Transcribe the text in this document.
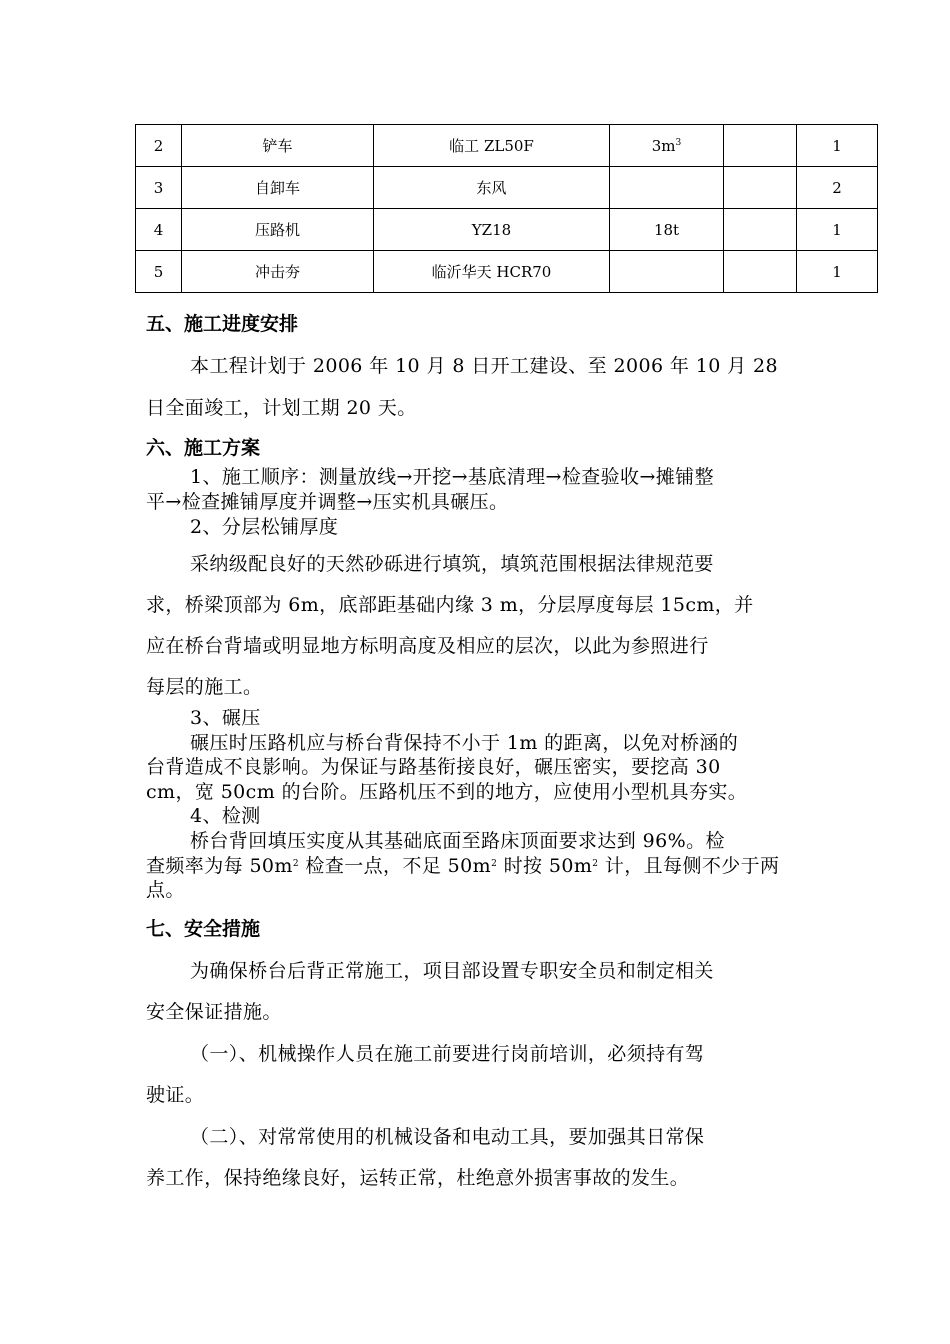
2	铲车	临工 ZL50F	$3m^3$		1
3	自卸车	东风			2
4	压路机	YZ18	18t		1
5	冲击夯	临沂华天 HCR70			1
五、施工进度安排
本工程计划于 2006 年 10 月 8 日开工建设、至 2006 年 10 月 28
日全面竣工，计划工期 20 天。
六、施工方案
1、施工顺序：测量放线→开挖→基底清理→检查验收→摊铺整
平→检查摊铺厚度并调整→压实机具碾压。
2、分层松铺厚度
采纳级配良好的天然砂砾进行填筑，填筑范围根据法律规范要
求，桥梁顶部为 6m，底部距基础内缘 3 m，分层厚度每层 15cm，并
应在桥台背墙或明显地方标明高度及相应的层次，以此为参照进行
每层的施工。
3、碾压
碾压时压路机应与桥台背保持不小于 1m 的距离，以免对桥涵的
台背造成不良影响。为保证与路基衔接良好，碾压密实，要挖高 30
cm，宽 50cm 的台阶。压路机压不到的地方，应使用小型机具夯实。
4、检测
桥台背回填压实度从其基础底面至路床顶面要求达到 96%。检
查频率为每 $50m^2$ 检查一点，不足 $50m^2$ 时按 $50m^2$ 计，且每侧不少于两
点。
七、安全措施
为确保桥台后背正常施工，项目部设置专职安全员和制定相关
安全保证措施。
（一）、机械操作人员在施工前要进行岗前培训，必须持有驾
驶证。
（二）、对常常使用的机械设备和电动工具，要加强其日常保
养工作，保持绝缘良好，运转正常，杜绝意外损害事故的发生。
